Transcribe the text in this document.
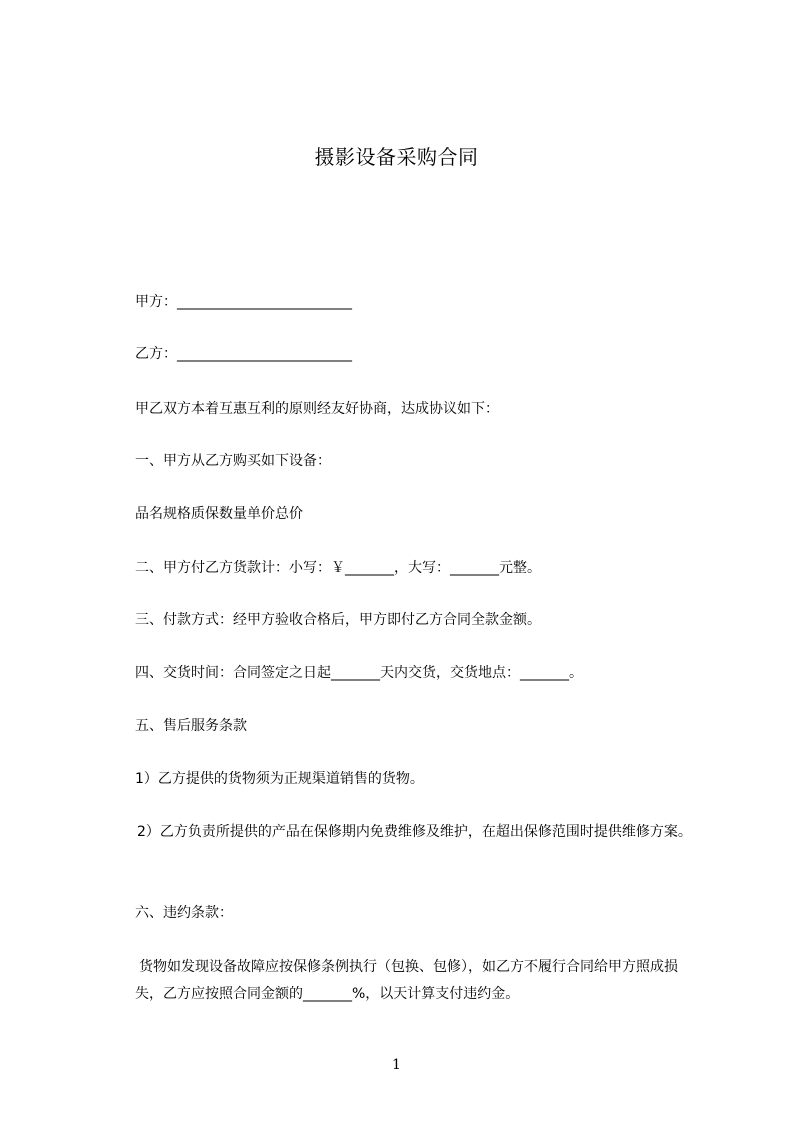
摄影设备采购合同
甲方：_________________________
乙方：_________________________
甲乙双方本着互惠互利的原则经友好协商，达成协议如下：
一、甲方从乙方购买如下设备：
品名规格质保数量单价总价
二、甲方付乙方货款计：小写：￥_______，大写：_______元整。
三、付款方式：经甲方验收合格后，甲方即付乙方合同全款金额。
四、交货时间：合同签定之日起_______天内交货，交货地点：_______。
五、售后服务条款
1）乙方提供的货物须为正规渠道销售的货物。
2）乙方负责所提供的产品在保修期内免费维修及维护，在超出保修范围时提供维修方案。
六、违约条款：
货物如发现设备故障应按保修条例执行（包换、包修），如乙方不履行合同给甲方照成损失，乙方应按照合同金额的_______%，以天计算支付违约金。
1
